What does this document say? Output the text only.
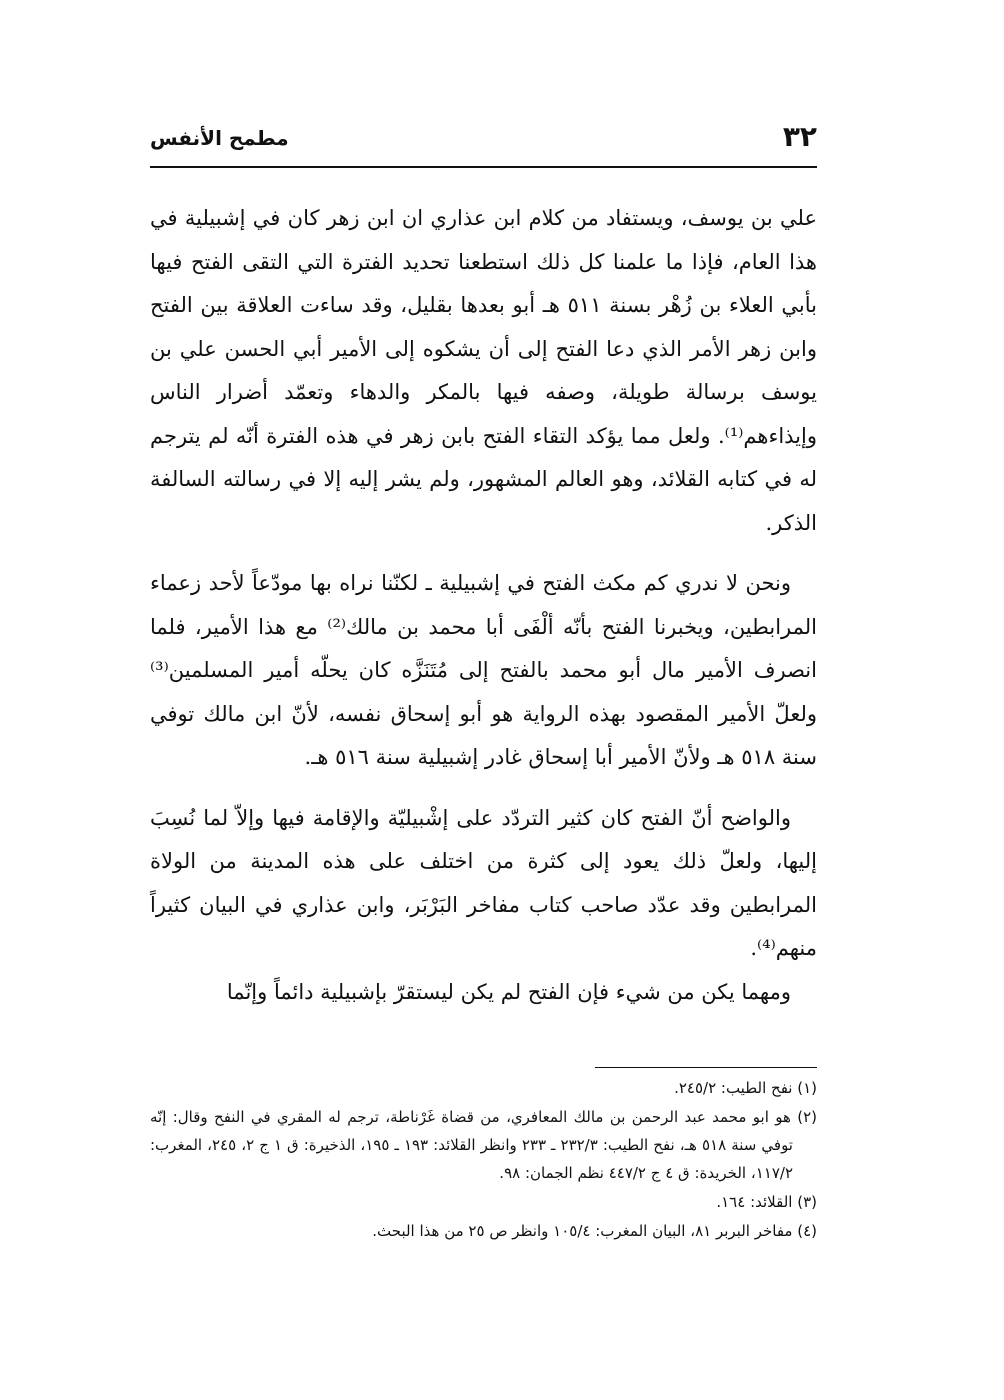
٣٢
مطمح الأنفس

علي بن يوسف، ويستفاد من كلام ابن عذاري ان ابن زهر كان في إشبيلية في هذا العام، فإذا ما علمنا كل ذلك استطعنا تحديد الفترة التي التقى الفتح فيها بأبي العلاء بن زُهْر بسنة ٥١١ هـ أبو بعدها بقليل، وقد ساءت العلاقة بين الفتح وابن زهر الأمر الذي دعا الفتح إلى أن يشكوه إلى الأمير أبي الحسن علي بن يوسف برسالة طويلة، وصفه فيها بالمكر والدهاء وتعمّد أضرار الناس وإيذاءهم⁽¹⁾. ولعل مما يؤكد التقاء الفتح بابن زهر في هذه الفترة أنّه لم يترجم له في كتابه القلائد، وهو العالم المشهور، ولم يشر إليه إلا في رسالته السالفة الذكر.

ونحن لا ندري كم مكث الفتح في إشبيلية ـ لكنّنا نراه بها مودّعاً لأحد زعماء المرابطين، ويخبرنا الفتح بأنّه ألْفَى أبا محمد بن مالك⁽²⁾ مع هذا الأمير، فلما انصرف الأمير مال أبو محمد بالفتح إلى مُتَنَزَّه كان يحلّه أمير المسلمين⁽³⁾ ولعلّ الأمير المقصود بهذه الرواية هو أبو إسحاق نفسه، لأنّ ابن مالك توفي سنة ٥١٨ هـ ولأنّ الأمير أبا إسحاق غادر إشبيلية سنة ٥١٦ هـ.

والواضح أنّ الفتح كان كثير التردّد على إشْبيليّة والإقامة فيها وإلاّ لما نُسِبَ إليها، ولعلّ ذلك يعود إلى كثرة من اختلف على هذه المدينة من الولاة المرابطين وقد عدّد صاحب كتاب مفاخر البَرْبَر، وابن عذاري في البيان كثيراً منهم⁽⁴⁾.

ومهما يكن من شيء فإن الفتح لم يكن ليستقرّ بإشبيلية دائماً وإنّما

(١) نفح الطيب: ٢٤٥/٢.

(٢) هو ابو محمد عبد الرحمن بن مالك المعافري، من قضاة غَرْناطة، ترجم له المقري في النفح وقال: إنّه توفي سنة ٥١٨ هـ، نفح الطيب: ٢٣٢/٣ ـ ٢٣٣ وانظر القلائد: ١٩٣ ـ ١٩٥، الذخيرة: ق ١ ج ٢، ٢٤٥، المغرب: ١١٧/٢، الخريدة: ق ٤ ج ٤٤٧/٢ نظم الجمان: ٩٨.

(٣) القلائد: ١٦٤.

(٤) مفاخر البربر ٨١، البيان المغرب: ١٠٥/٤ وانظر ص ٢٥ من هذا البحث.
